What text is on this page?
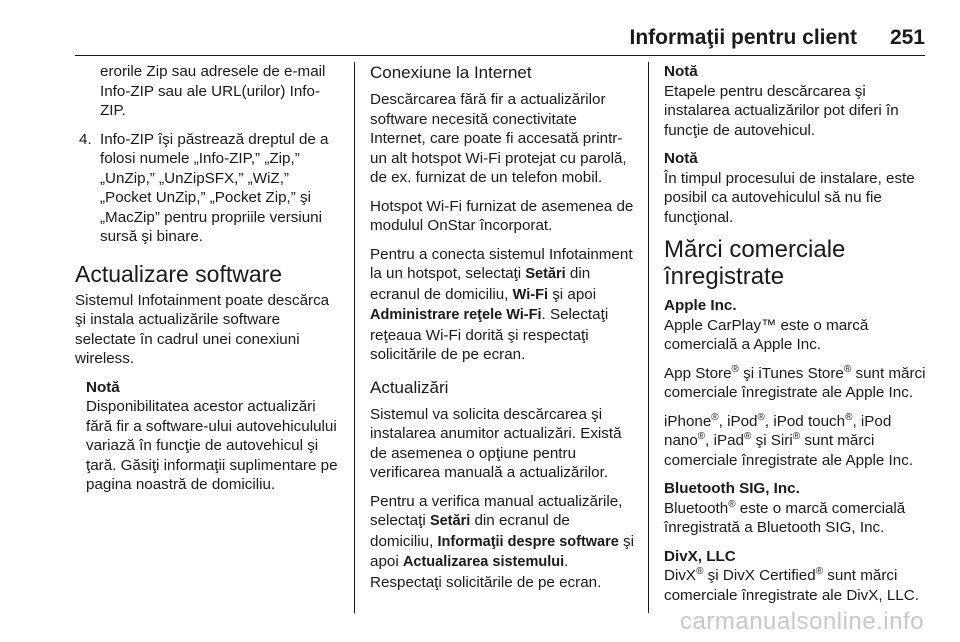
Informaţii pentru client 251

erorile Zip sau adresele de e-mail Info-ZIP sau ale URL(urilor) Info-ZIP.

4. Info-ZIP îşi păstrează dreptul de a folosi numele „Info-ZIP,” „Zip,” „UnZip,” „UnZipSFX,” „WiZ,” „Pocket UnZip,” „Pocket Zip,” şi „MacZip” pentru propriile versiuni sursă şi binare.

Actualizare software

Sistemul Infotainment poate descărca şi instala actualizările software selectate în cadrul unei conexiuni wireless.

Notă

Disponibilitatea acestor actualizări fără fir a software-ului autovehiculului variază în funcţie de autovehicul şi ţară. Găsiţi informaţii suplimentare pe pagina noastră de domiciliu.

Conexiune la Internet

Descărcarea fără fir a actualizărilor software necesită conectivitate Internet, care poate fi accesată printr-un alt hotspot Wi-Fi protejat cu parolă, de ex. furnizat de un telefon mobil.

Hotspot Wi-Fi furnizat de asemenea de modulul OnStar încorporat.

Pentru a conecta sistemul Infotainment la un hotspot, selectaţi Setări din ecranul de domiciliu, Wi-Fi şi apoi Administrare reţele Wi-Fi. Selectaţi reţeaua Wi-Fi dorită şi respectaţi solicitările de pe ecran.

Actualizări

Sistemul va solicita descărcarea şi instalarea anumitor actualizări. Există de asemenea o opţiune pentru verificarea manuală a actualizărilor.

Pentru a verifica manual actualizările, selectaţi Setări din ecranul de domiciliu, Informaţii despre software şi apoi Actualizarea sistemului. Respectaţi solicitările de pe ecran.

Notă

Etapele pentru descărcarea şi instalarea actualizărilor pot diferi în funcţie de autovehicul.

Notă

În timpul procesului de instalare, este posibil ca autovehiculul să nu fie funcţional.

Mărci comerciale
înregistrate
Apple Inc.

Apple CarPlay™ este o marcă comercială a Apple Inc.

App Store® şi iTunes Store® sunt mărci comerciale înregistrate ale Apple Inc.

iPhone®, iPod®, iPod touch®, iPod nano®, iPad® şi Siri® sunt mărci comerciale înregistrate ale Apple Inc.

Bluetooth SIG, Inc.

Bluetooth® este o marcă comercială înregistrată a Bluetooth SIG, Inc.

DivX, LLC

DivX® şi DivX Certified® sunt mărci comerciale înregistrate ale DivX, LLC.

carmanualsonline.info
